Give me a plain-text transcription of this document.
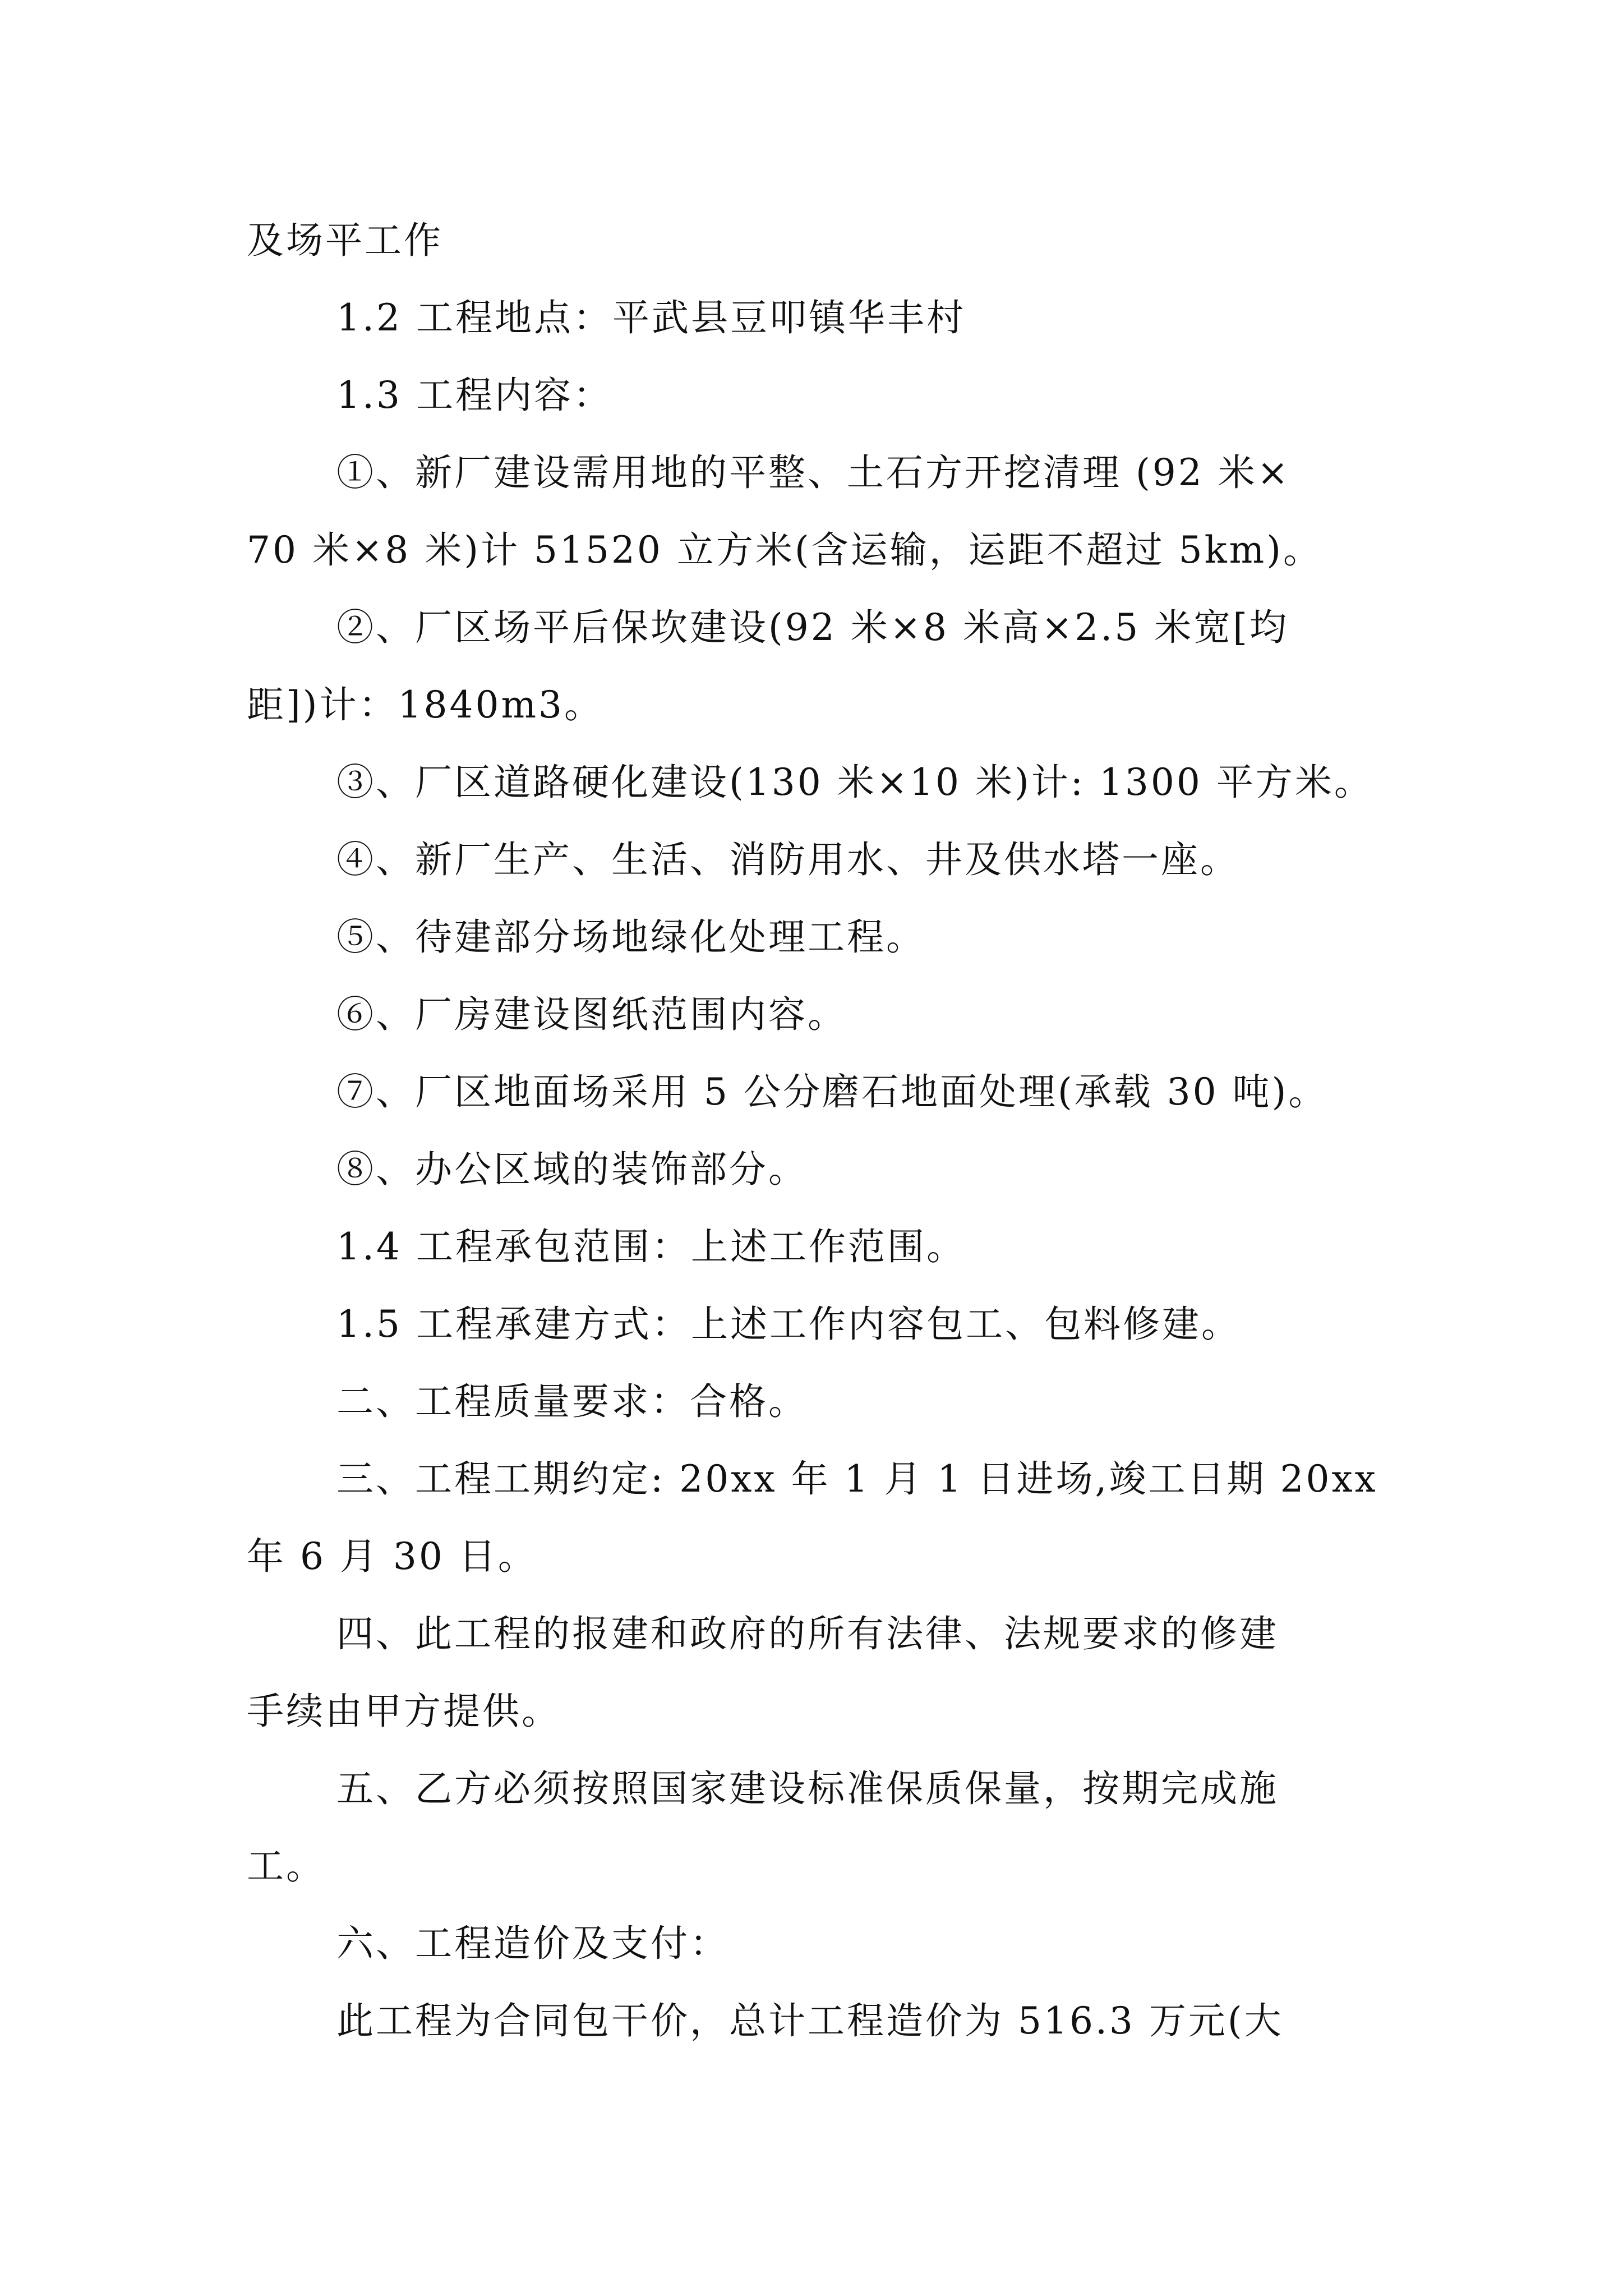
及场平工作
1.2 工程地点：平武县豆叩镇华丰村
1.3 工程内容：
①、新厂建设需用地的平整、土石方开挖清理 (92 米×
70 米×8 米)计 51520 立方米(含运输，运距不超过 5km)。
②、厂区场平后保坎建设(92 米×8 米高×2.5 米宽[均
距])计：1840m3。
③、厂区道路硬化建设(130 米×10 米)计: 1300 平方米。
④、新厂生产、生活、消防用水、井及供水塔一座。
⑤、待建部分场地绿化处理工程。
⑥、厂房建设图纸范围内容。
⑦、厂区地面场采用 5 公分磨石地面处理(承载 30 吨)。
⑧、办公区域的装饰部分。
1.4 工程承包范围：上述工作范围。
1.5 工程承建方式：上述工作内容包工、包料修建。
二、工程质量要求：合格。
三、工程工期约定: 20xx 年 1 月 1 日进场,竣工日期 20xx
年 6 月 30 日。
四、此工程的报建和政府的所有法律、法规要求的修建
手续由甲方提供。
五、乙方必须按照国家建设标准保质保量，按期完成施
工。
六、工程造价及支付：
此工程为合同包干价，总计工程造价为 516.3 万元(大
